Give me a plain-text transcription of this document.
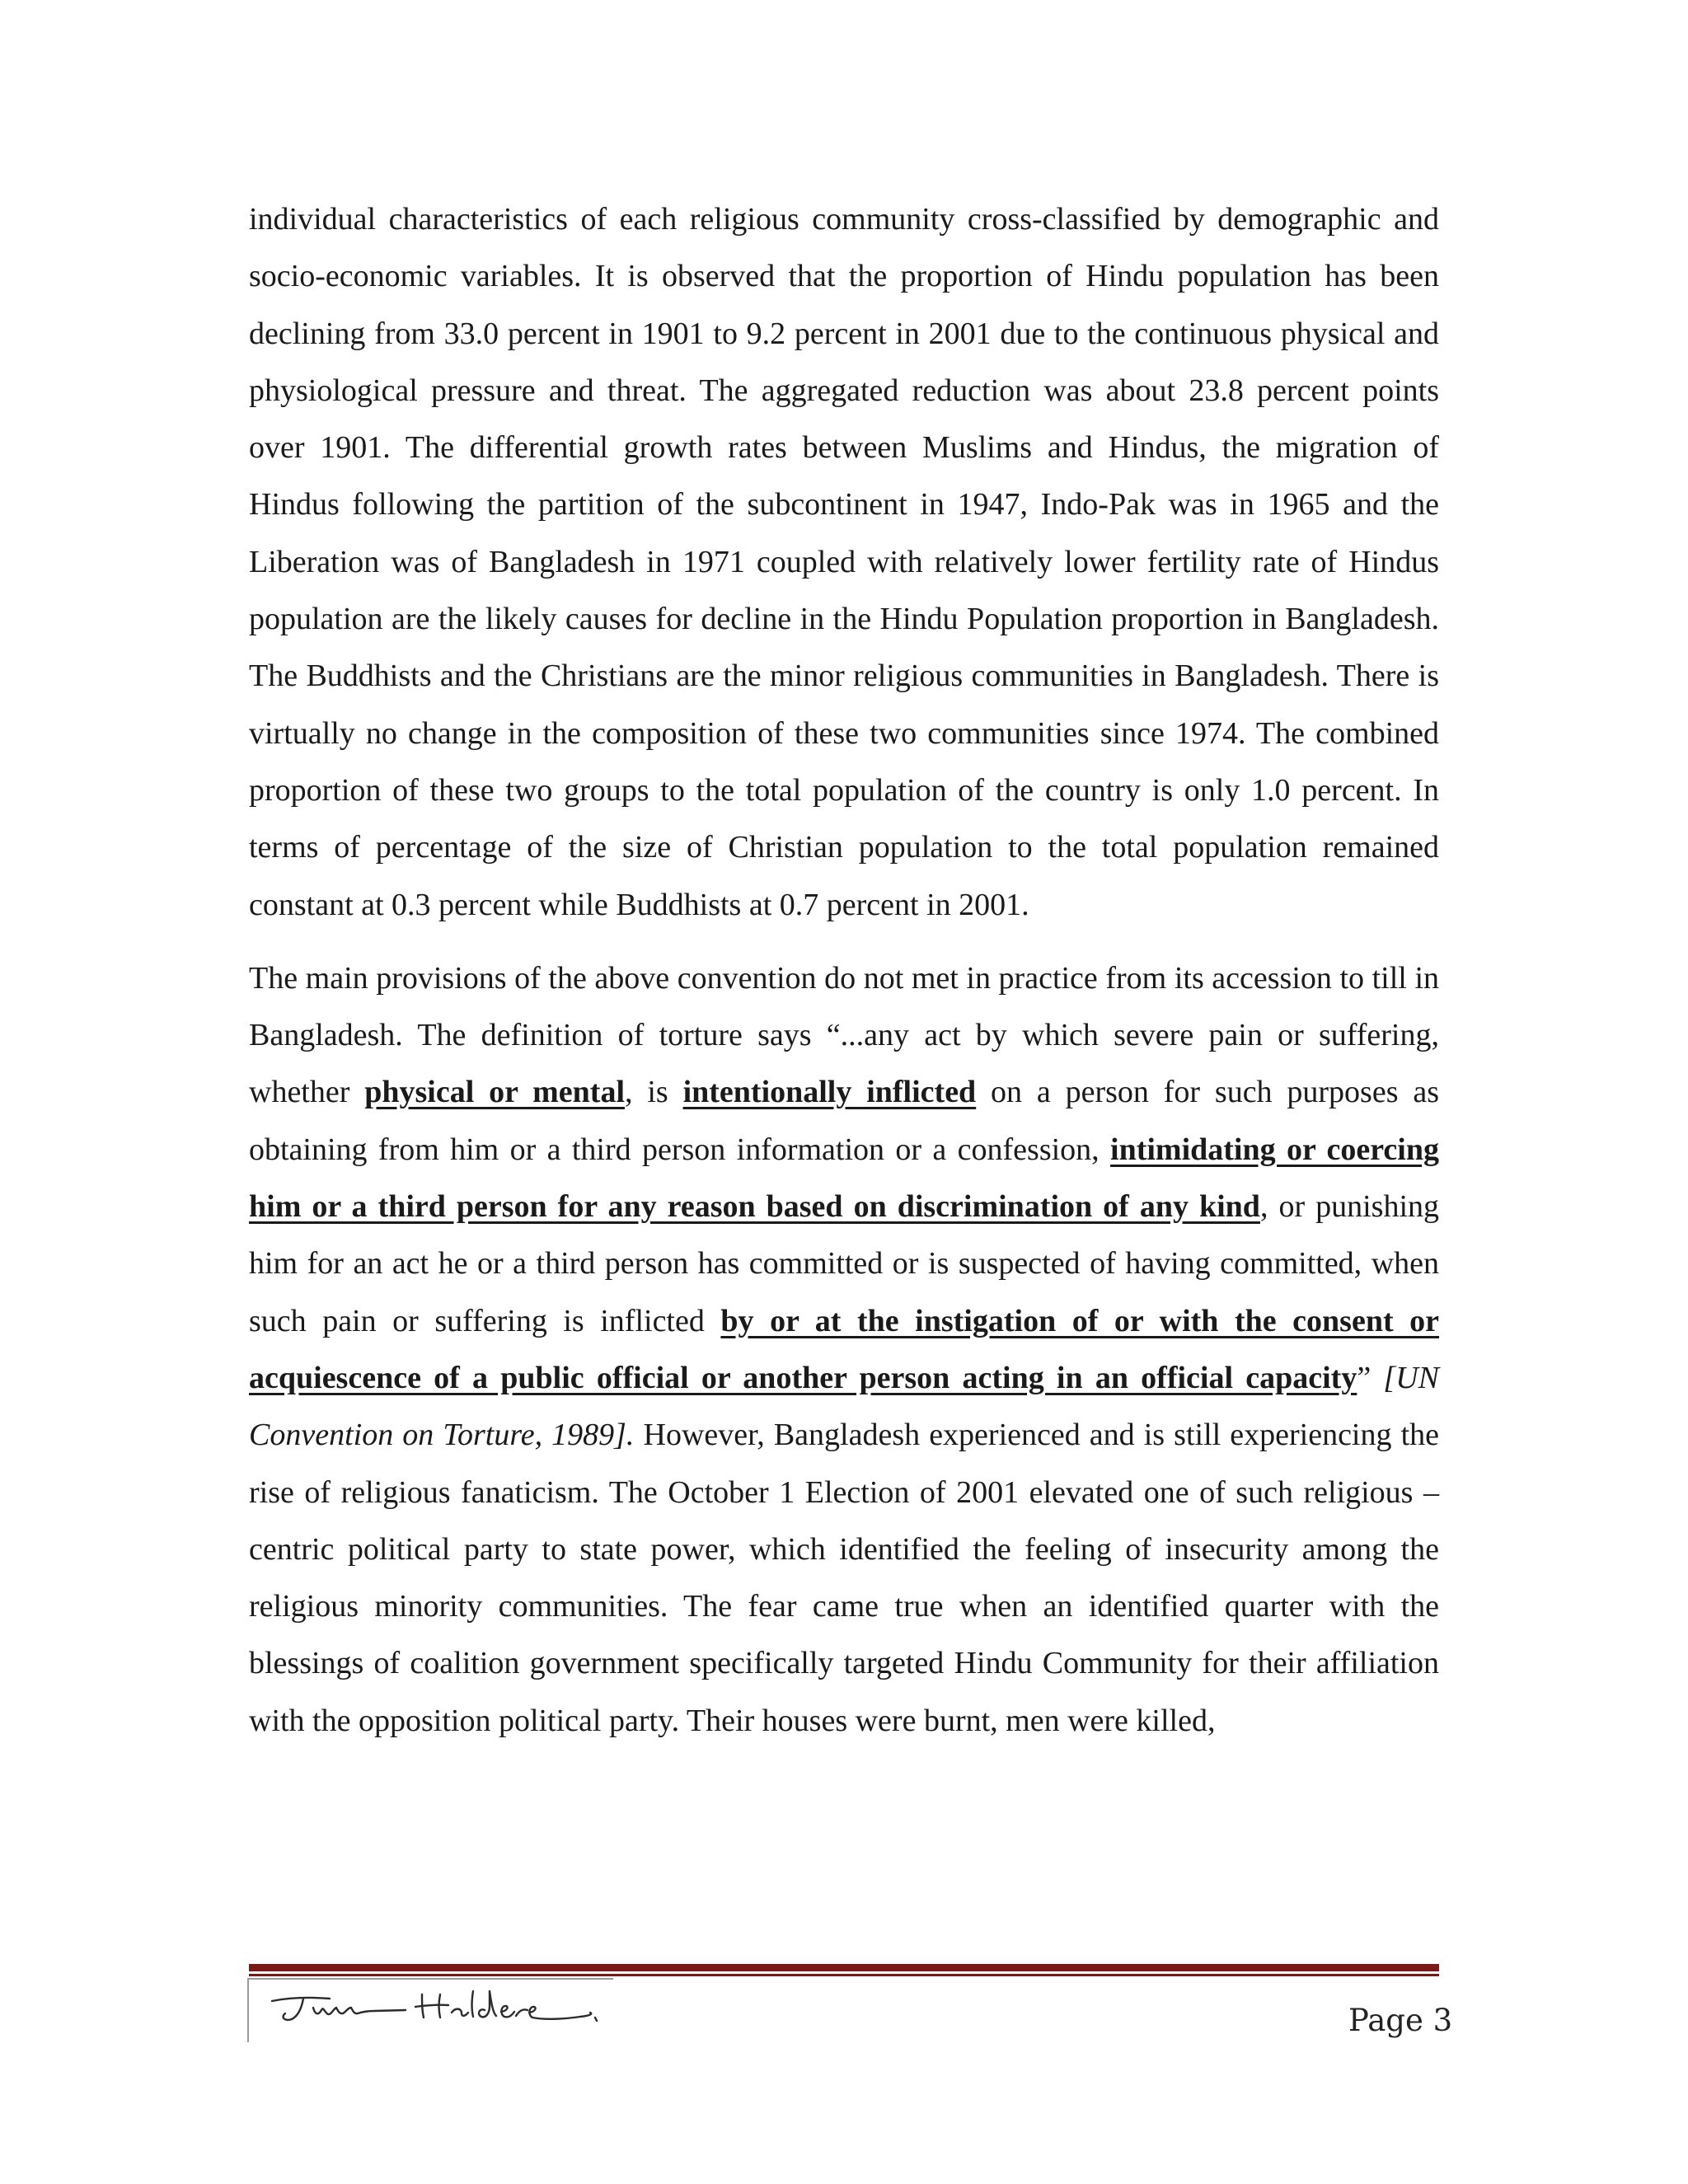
individual characteristics of each religious community cross-classified by demographic and socio-economic variables. It is observed that the proportion of Hindu population has been declining from 33.0 percent in 1901 to 9.2 percent in 2001 due to the continuous physical and physiological pressure and threat. The aggregated reduction was about 23.8 percent points over 1901. The differential growth rates between Muslims and Hindus, the migration of Hindus following the partition of the subcontinent in 1947, Indo-Pak was in 1965 and the Liberation was of Bangladesh in 1971 coupled with relatively lower fertility rate of Hindus population are the likely causes for decline in the Hindu Population proportion in Bangladesh. The Buddhists and the Christians are the minor religious communities in Bangladesh. There is virtually no change in the composition of these two communities since 1974. The combined proportion of these two groups to the total population of the country is only 1.0 percent. In terms of percentage of the size of Christian population to the total population remained constant at 0.3 percent while Buddhists at 0.7 percent in 2001.

The main provisions of the above convention do not met in practice from its accession to till in Bangladesh. The definition of torture says “...any act by which severe pain or suffering, whether physical or mental, is intentionally inflicted on a person for such purposes as obtaining from him or a third person information or a confession, intimidating or coercing him or a third person for any reason based on discrimination of any kind, or punishing him for an act he or a third person has committed or is suspected of having committed, when such pain or suffering is inflicted by or at the instigation of or with the consent or acquiescence of a public official or another person acting in an official capacity” [UN Convention on Torture, 1989]. However, Bangladesh experienced and is still experiencing the rise of religious fanaticism. The October 1 Election of 2001 elevated one of such religious –centric political party to state power, which identified the feeling of insecurity among the religious minority communities. The fear came true when an identified quarter with the blessings of coalition government specifically targeted Hindu Community for their affiliation with the opposition political party. Their houses were burnt, men were killed,

Page 3
